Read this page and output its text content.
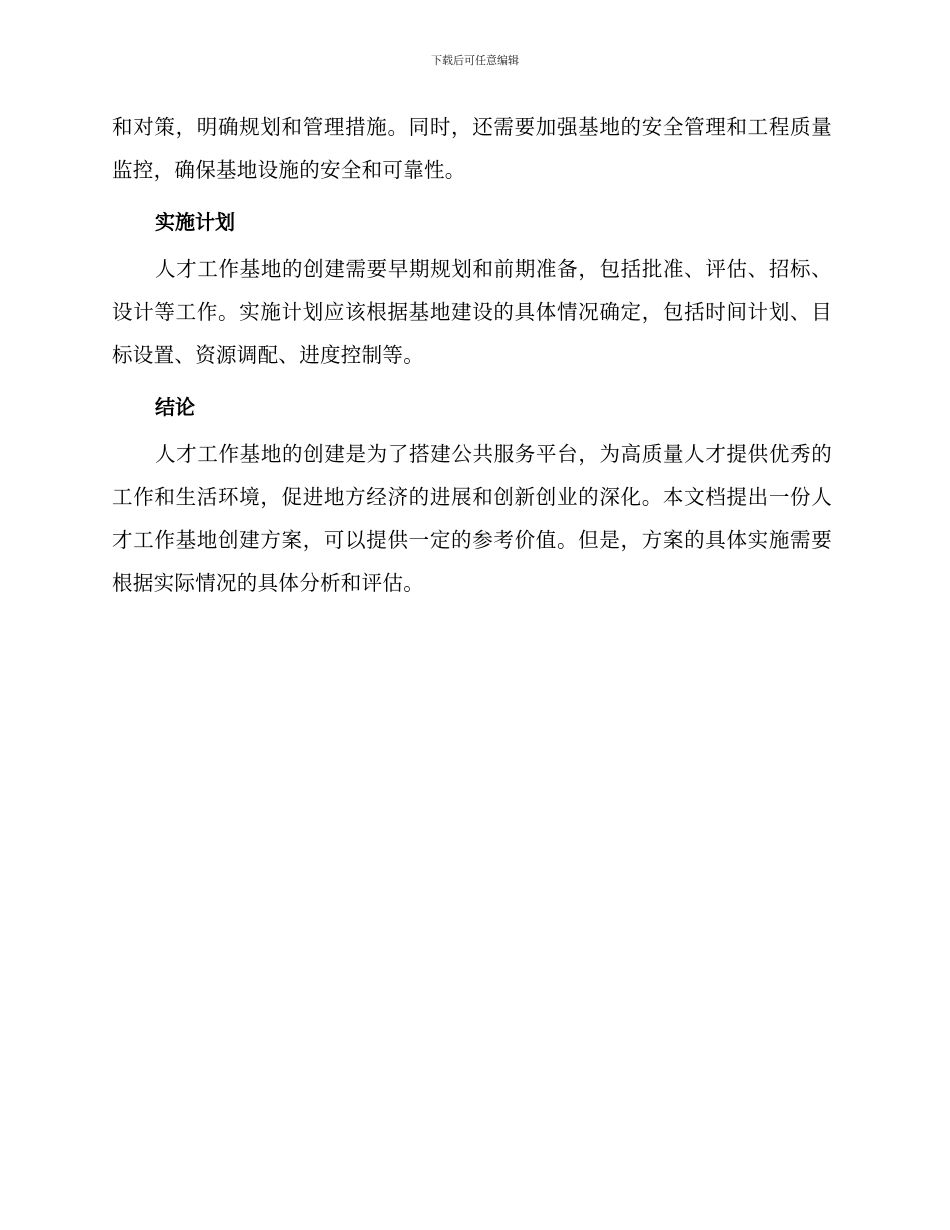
下载后可任意编辑

和对策，明确规划和管理措施。同时，还需要加强基地的安全管理和工程质量监控，确保基地设施的安全和可靠性。

实施计划

人才工作基地的创建需要早期规划和前期准备，包括批准、评估、招标、设计等工作。实施计划应该根据基地建设的具体情况确定，包括时间计划、目标设置、资源调配、进度控制等。

结论

人才工作基地的创建是为了搭建公共服务平台，为高质量人才提供优秀的工作和生活环境，促进地方经济的进展和创新创业的深化。本文档提出一份人才工作基地创建方案，可以提供一定的参考价值。但是，方案的具体实施需要根据实际情况的具体分析和评估。
